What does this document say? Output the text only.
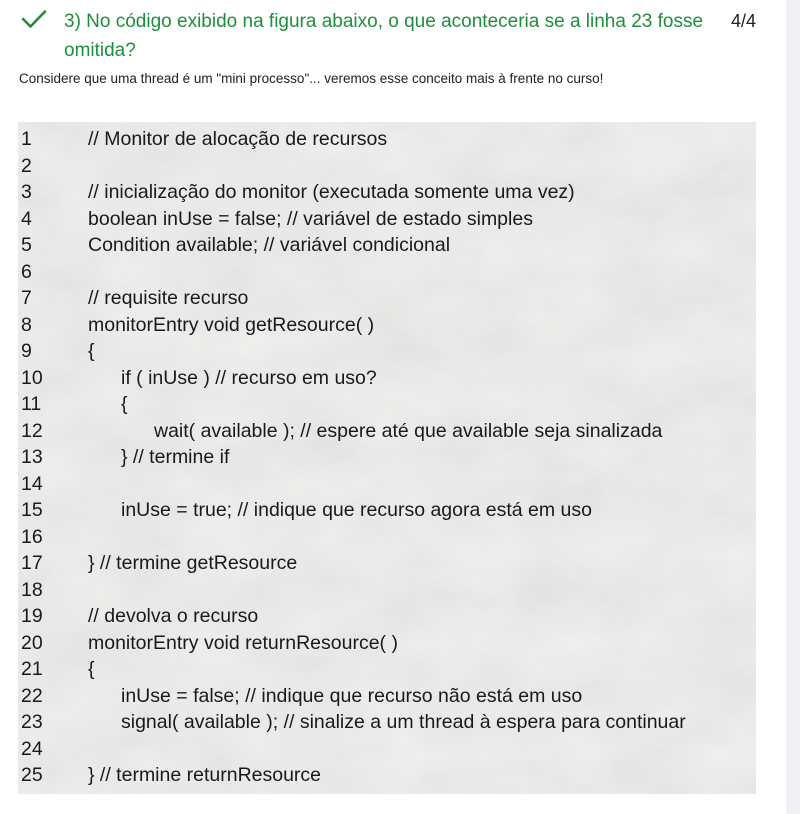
3) No código exibido na figura abaixo, o que aconteceria se a linha 23 fosse omitida?
4/4
Considere que uma thread é um "mini processo"... veremos esse conceito mais à frente no curso!
1	// Monitor de alocação de recursos
2
3	// inicialização do monitor (executada somente uma vez)
4	boolean inUse = false; // variável de estado simples
5	Condition available; // variável condicional
6
7	// requisite recurso
8	monitorEntry void getResource( )
9	{
10	if ( inUse ) // recurso em uso?
11	{
12	wait( available ); // espere até que available seja sinalizada
13	} // termine if
14
15	inUse = true; // indique que recurso agora está em uso
16
17 } // termine getResource
18
19 // devolva o recurso
20 monitorEntry void returnResource( )
21 {
22	inUse = false; // indique que recurso não está em uso
23	signal( available ); // sinalize a um thread à espera para continuar
24
25 } // termine returnResource
